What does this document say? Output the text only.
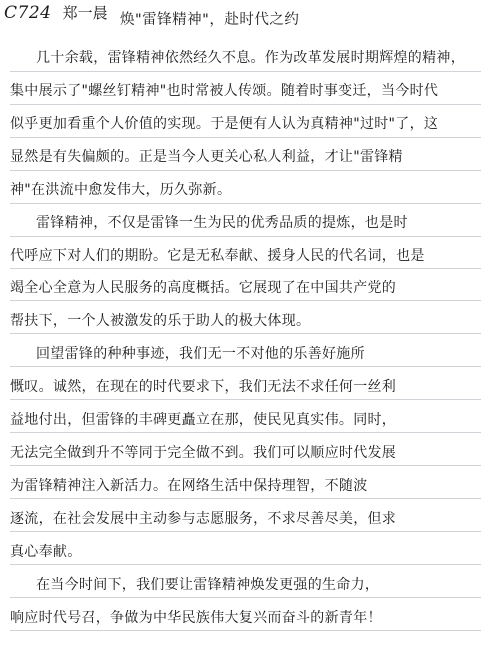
C724 郑一晨 焕"雷锋精神"，赴时代之约
几十余载，雷锋精神依然经久不息。作为改革发展时期辉煌的精神，
集中展示了"螺丝钉精神"也时常被人传颂。随着时事变迁，当今时代
似乎更加看重个人价值的实现。于是便有人认为真精神"过时"了，这
显然是有失偏颇的。正是当今人更关心私人利益，才让"雷锋精
神"在洪流中愈发伟大，历久弥新。
雷锋精神，不仅是雷锋一生为民的优秀品质的提炼，也是时
代呼应下对人们的期盼。它是无私奉献、援身人民的代名词，也是
竭全心全意为人民服务的高度概括。它展现了在中国共产党的
帮扶下，一个人被激发的乐于助人的极大体现。
回望雷锋的种种事迹，我们无一不对他的乐善好施所
慨叹。诚然，在现在的时代要求下，我们无法不求任何一丝利
益地付出，但雷锋的丰碑更矗立在那，使民见真实伟。同时，
无法完全做到升不等同于完全做不到。我们可以顺应时代发展
为雷锋精神注入新活力。在网络生活中保持理智，不随波
逐流，在社会发展中主动参与志愿服务，不求尽善尽美，但求
真心奉献。
在当今时间下，我们要让雷锋精神焕发更强的生命力，
响应时代号召，争做为中华民族伟大复兴而奋斗的新青年！
